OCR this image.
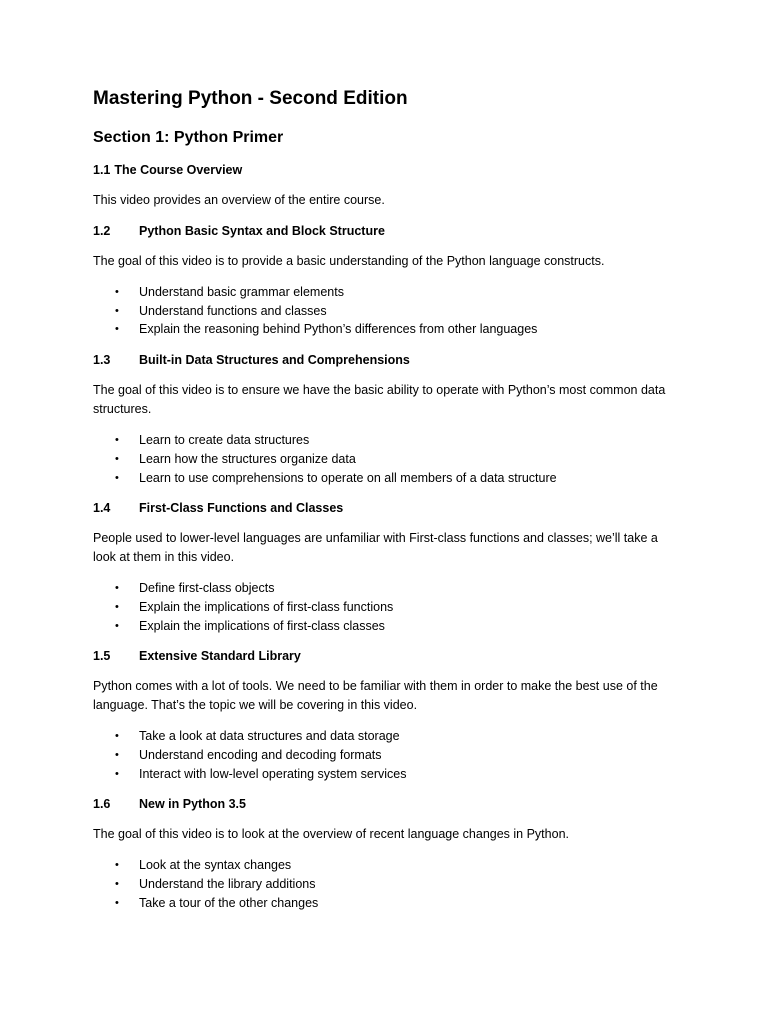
Mastering Python - Second Edition
Section 1: Python Primer
1.1 The Course Overview

This video provides an overview of the entire course.

1.2	Python Basic Syntax and Block Structure

The goal of this video is to provide a basic understanding of the Python language constructs.

•	Understand basic grammar elements
•	Understand functions and classes
•	Explain the reasoning behind Python’s differences from other languages
1.3	Built-in Data Structures and Comprehensions

The goal of this video is to ensure we have the basic ability to operate with Python’s most common data structures.

•	Learn to create data structures
•	Learn how the structures organize data
•	Learn to use comprehensions to operate on all members of a data structure
1.4	First-Class Functions and Classes

People used to lower-level languages are unfamiliar with First-class functions and classes; we’ll take a look at them in this video.

•	Define first-class objects
•	Explain the implications of first-class functions
•	Explain the implications of first-class classes
1.5	Extensive Standard Library

Python comes with a lot of tools. We need to be familiar with them in order to make the best use of the language. That’s the topic we will be covering in this video.

•	Take a look at data structures and data storage
•	Understand encoding and decoding formats
•	Interact with low-level operating system services
1.6	New in Python 3.5

The goal of this video is to look at the overview of recent language changes in Python.

•	Look at the syntax changes
•	Understand the library additions
•	Take a tour of the other changes
